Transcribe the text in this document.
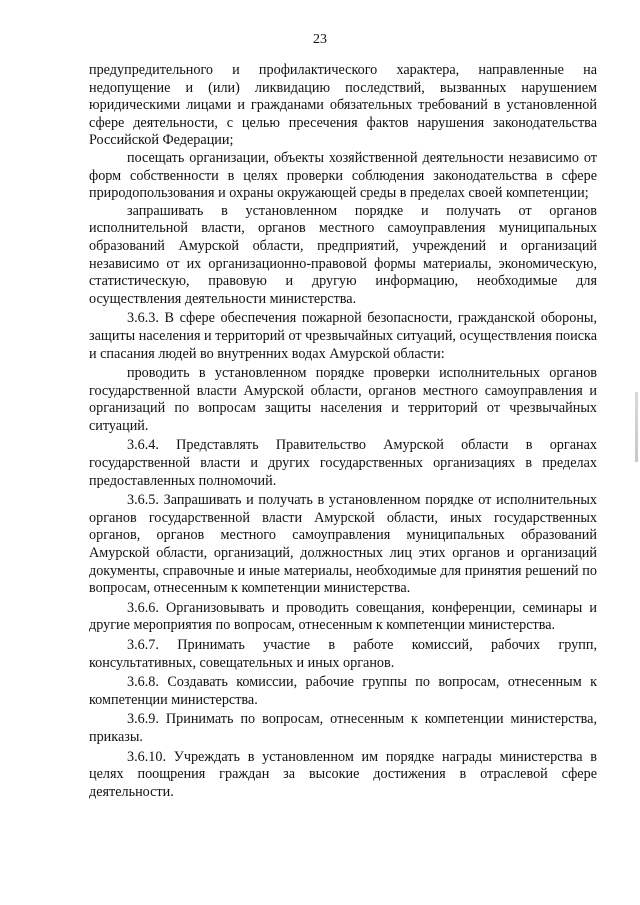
23

предупредительного и профилактического характера, направленные на недопущение и (или) ликвидацию последствий, вызванных нарушением юридическими лицами и гражданами обязательных требований в установленной сфере деятельности, с целью пресечения фактов нарушения законодательства Российской Федерации;

посещать организации, объекты хозяйственной деятельности независимо от форм собственности в целях проверки соблюдения законодательства в сфере природопользования и охраны окружающей среды в пределах своей компетенции;

запрашивать в установленном порядке и получать от органов исполнительной власти, органов местного самоуправления муниципальных образований Амурской области, предприятий, учреждений и организаций независимо от их организационно-правовой формы материалы, экономическую, статистическую, правовую и другую информацию, необходимые для осуществления деятельности министерства.

3.6.3. В сфере обеспечения пожарной безопасности, гражданской обороны, защиты населения и территорий от чрезвычайных ситуаций, осуществления поиска и спасания людей во внутренних водах Амурской области:

проводить в установленном порядке проверки исполнительных органов государственной власти Амурской области, органов местного самоуправления и организаций по вопросам защиты населения и территорий от чрезвычайных ситуаций.

3.6.4. Представлять Правительство Амурской области в органах государственной власти и других государственных организациях в пределах предоставленных полномочий.

3.6.5. Запрашивать и получать в установленном порядке от исполнительных органов государственной власти Амурской области, иных государственных органов, органов местного самоуправления муниципальных образований Амурской области, организаций, должностных лиц этих органов и организаций документы, справочные и иные материалы, необходимые для принятия решений по вопросам, отнесенным к компетенции министерства.

3.6.6. Организовывать и проводить совещания, конференции, семинары и другие мероприятия по вопросам, отнесенным к компетенции министерства.

3.6.7. Принимать участие в работе комиссий, рабочих групп, консультативных, совещательных и иных органов.

3.6.8. Создавать комиссии, рабочие группы по вопросам, отнесенным к компетенции министерства.

3.6.9. Принимать по вопросам, отнесенным к компетенции министерства, приказы.

3.6.10. Учреждать в установленном им порядке награды министерства в целях поощрения граждан за высокие достижения в отраслевой сфере деятельности.
